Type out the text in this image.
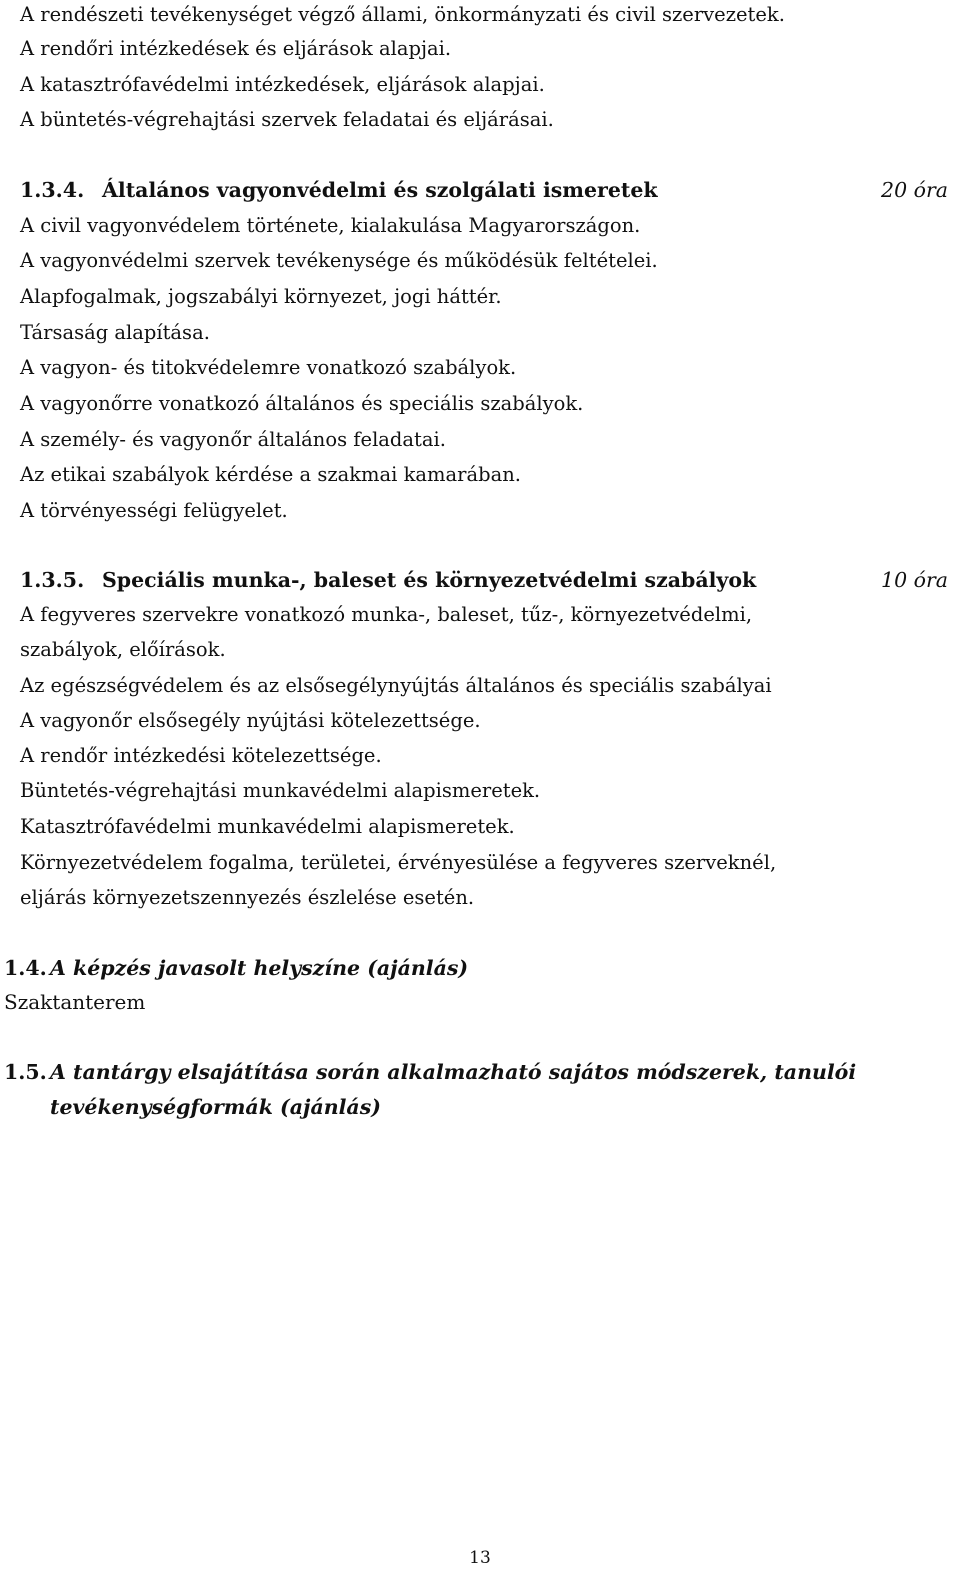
A rendészeti tevékenységet végző állami, önkormányzati és civil szervezetek.
A rendőri intézkedések és eljárások alapjai.
A katasztrófavédelmi intézkedések, eljárások alapjai.
A büntetés-végrehajtási szervek feladatai és eljárásai.
1.3.4. Általános vagyonvédelmi és szolgálati ismeretek	20 óra
A civil vagyonvédelem története, kialakulása Magyarországon.
A vagyonvédelmi szervek tevékenysége és működésük feltételei.
Alapfogalmak, jogszabályi környezet, jogi háttér.
Társaság alapítása.
A vagyon- és titokvédelemre vonatkozó szabályok.
A vagyonőrre vonatkozó általános és speciális szabályok.
A személy- és vagyonőr általános feladatai.
Az etikai szabályok kérdése a szakmai kamarában.
A törvényességi felügyelet.
1.3.5. Speciális munka-, baleset és környezetvédelmi szabályok	10 óra
A fegyveres szervekre vonatkozó munka-, baleset, tűz-, környezetvédelmi,
szabályok, előírások.
Az egészségvédelem és az elsősegélynyújtás általános és speciális szabályai
A vagyonőr elsősegély nyújtási kötelezettsége.
A rendőr intézkedési kötelezettsége.
Büntetés-végrehajtási munkavédelmi alapismeretek.
Katasztrófavédelmi munkavédelmi alapismeretek.
Környezetvédelem fogalma, területei, érvényesülése a fegyveres szerveknél,
eljárás környezetszennyezés észlelése esetén.
1.4. A képzés javasolt helyszíne (ajánlás)
Szaktanterem
1.5. A tantárgy elsajátítása során alkalmazható sajátos módszerek, tanulói
tevékenységformák (ajánlás)
13
